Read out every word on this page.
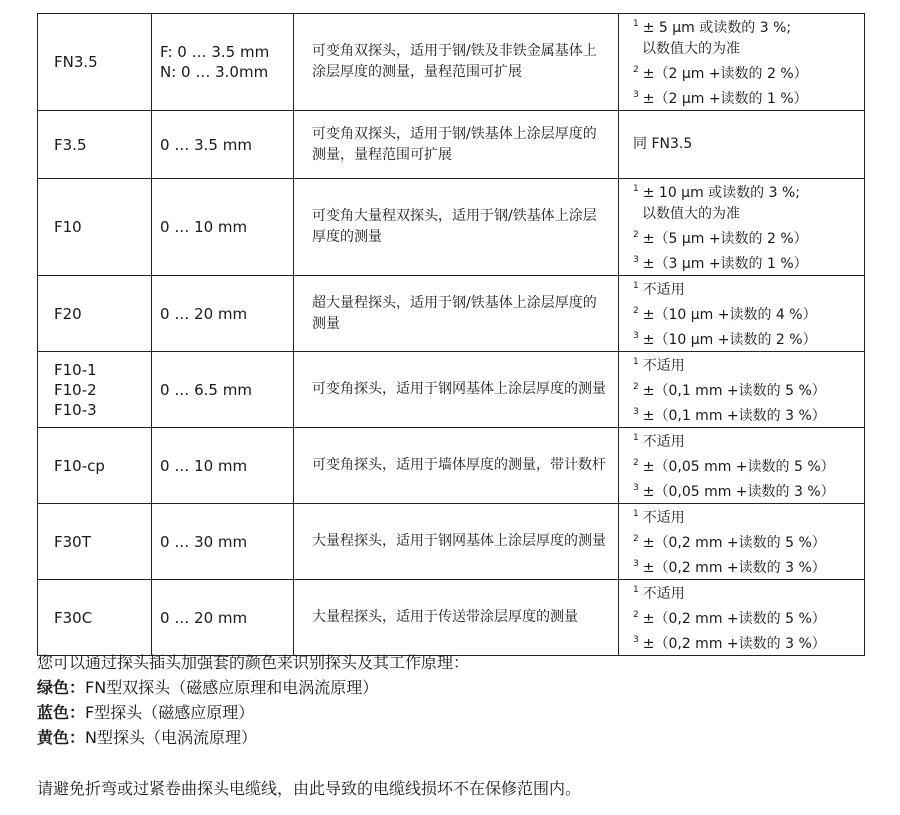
FN3.5	F: 0 … 3.5 mm
N: 0 … 3.0mm	可变角双探头，适用于钢/铁及非铁金属基体上涂层厚度的测量，量程范围可扩展	$^1$ ± 5 µm 或读数的 3 %;
以数值大的为准
$^2$ ±（2 µm +读数的 2 %）
$^3$ ±（2 µm +读数的 1 %）

F3.5	0 … 3.5 mm	可变角双探头，适用于钢/铁基体上涂层厚度的测量，量程范围可扩展	同 FN3.5

F10	0 … 10 mm	可变角大量程双探头，适用于钢/铁基体上涂层厚度的测量	$^1$ ± 10 µm 或读数的 3 %;
以数值大的为准
$^2$ ±（5 µm +读数的 2 %）
$^3$ ±（3 µm +读数的 1 %）

F20	0 … 20 mm	超大量程探头，适用于钢/铁基体上涂层厚度的测量	$^1$ 不适用
$^2$ ±（10 µm +读数的 4 %）
$^3$ ±（10 µm +读数的 2 %）

F10-1
F10-2
F10-3	0 … 6.5 mm	可变角探头，适用于钢网基体上涂层厚度的测量	$^1$ 不适用
$^2$ ±（0,1 mm +读数的 5 %）
$^3$ ±（0,1 mm +读数的 3 %）

F10-cp	0 … 10 mm	可变角探头，适用于墙体厚度的测量，带计数杆	$^1$ 不适用
$^2$ ±（0,05 mm +读数的 5 %）
$^3$ ±（0,05 mm +读数的 3 %）

F30T	0 … 30 mm	大量程探头，适用于钢网基体上涂层厚度的测量	$^1$ 不适用
$^2$ ±（0,2 mm +读数的 5 %）
$^3$ ±（0,2 mm +读数的 3 %）

F30C	0 … 20 mm	大量程探头，适用于传送带涂层厚度的测量	$^1$ 不适用
$^2$ ±（0,2 mm +读数的 5 %）
$^3$ ±（0,2 mm +读数的 3 %）

您可以通过探头插头加强套的颜色来识别探头及其工作原理：

绿色：FN型双探头（磁感应原理和电涡流原理）

蓝色：F型探头（磁感应原理）

黄色：N型探头（电涡流原理）

请避免折弯或过紧卷曲探头电缆线，由此导致的电缆线损坏不在保修范围内。
